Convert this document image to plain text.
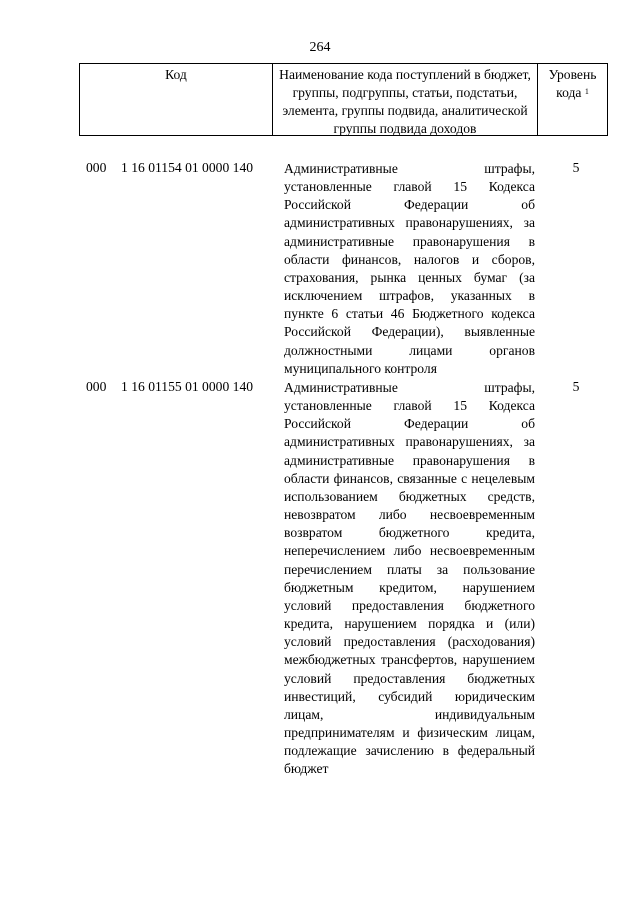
264
Код	Наименование кода поступлений в бюджет, группы, подгруппы, статьи, подстатьи, элемента, группы подвида, аналитической группы подвида доходов
Уровень
кода $^1$
000 1 16 01154 01 0000 140 Административные штрафы, установленные главой 15 Кодекса Российской Федерации об административных правонарушениях, за административные правонарушения в области финансов, налогов и сборов, страхования, рынка ценных бумаг (за исключением штрафов, указанных в пункте 6 статьи 46 Бюджетного кодекса Российской Федерации), выявленные должностными лицами органов муниципального контроля
5
000 1 16 01155 01 0000 140 Административные штрафы, установленные главой 15 Кодекса Российской Федерации об административных правонарушениях, за административные правонарушения в области финансов, связанные с нецелевым использованием бюджетных средств, невозвратом либо несвоевременным возвратом бюджетного кредита, неперечислением либо несвоевременным перечислением платы за пользование бюджетным кредитом, нарушением условий предоставления бюджетного кредита, нарушением порядка и (или) условий предоставления (расходования) межбюджетных трансфертов, нарушением условий предоставления бюджетных инвестиций, субсидий юридическим лицам, индивидуальным предпринимателям и физическим лицам, подлежащие зачислению в федеральный бюджет
5
